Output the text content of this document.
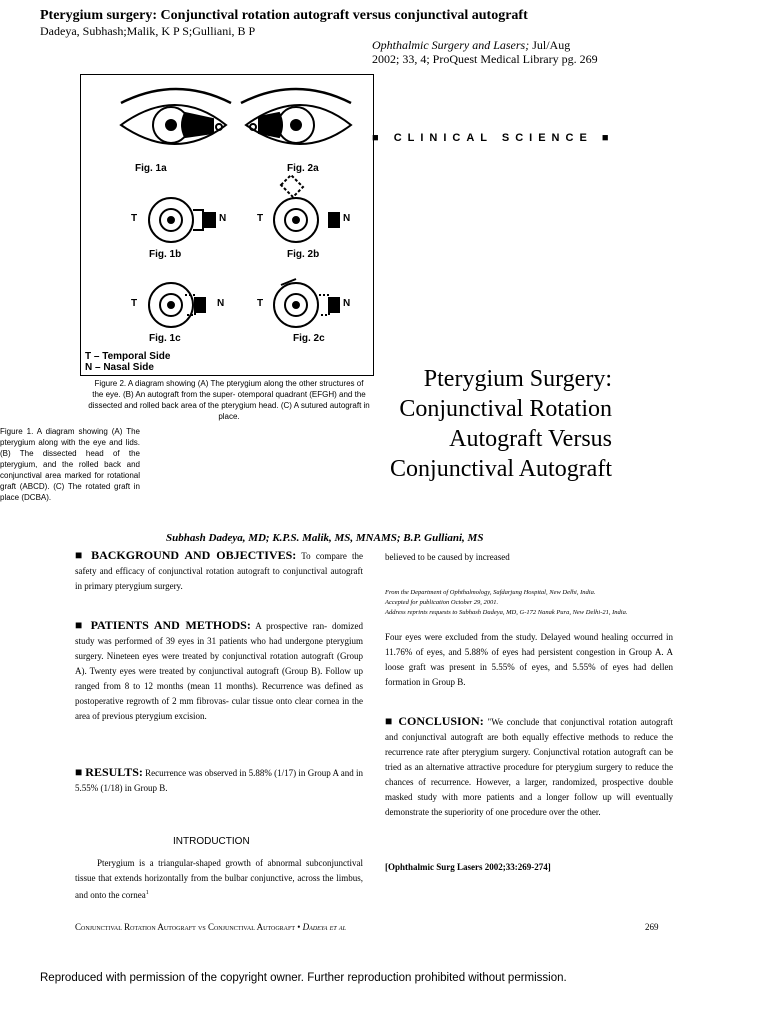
Pterygium surgery: Conjunctival rotation autograft versus conjunctival autograft
Dadeya, Subhash;Malik, K P S;Gulliani, B P
Ophthalmic Surgery and Lasers; Jul/Aug
2002; 33, 4; ProQuest Medical Library pg. 269
Fig. 1a	Fig. 2a
T	N	T	N
Fig. 1b	Fig. 2b
T	N	T	N
Fig. 1c	Fig. 2c
T – Temporal Side
N – Nasal Side
■ CLINICAL SCIENCE ■
Figure 2. A diagram showing (A) The pterygium along the other structures of the eye. (B) An autograft from the super- otemporal quadrant (EFGH) and the dissected and rolled back area of the pterygium head. (C) A sutured autograft in place.
Figure 1. A diagram showing (A) The pterygium along with the eye and lids. (B) The dissected head of the pterygium, and the rolled back and conjunctival area marked for rotational graft (ABCD). (C) The rotated graft in place (DCBA).
Pterygium Surgery: Conjunctival Rotation Autograft Versus Conjunctival Autograft
Subhash Dadeya, MD; K.P.S. Malik, MS, MNAMS; B.P. Gulliani, MS
■ BACKGROUND AND OBJECTIVES: To compare the safety and efficacy of conjunctival rotation autograft to conjunctival autograft in primary pterygium surgery.
■ PATIENTS AND METHODS: A prospective ran- domized study was performed of 39 eyes in 31 patients who had undergone pterygium surgery. Nineteen eyes were treated by conjunctival rotation autograft (Group A). Twenty eyes were treated by conjunctival autograft (Group B). Follow up ranged from 8 to 12 months (mean 11 months). Recurrence was defined as postoperative regrowth of 2 mm fibrovas- cular tissue onto clear cornea in the area of previous pterygium excision.
■ RESULTS: Recurrence was observed in 5.88% (1/17) in Group A and in 5.55% (1/18) in Group B.
INTRODUCTION
Pterygium is a triangular-shaped growth of abnormal subconjunctival tissue that extends horizontally from the bulbar conjunctive, across the limbus, and onto the cornea$^1$
believed to be caused by increased
From the Department of Ophthalmology, Safdarjung Hospital, New Delhi, India.
Accepted for publication October 29, 2001.
Address reprints requests to Subhash Dadeya, MD, G-172 Nanak Pura, New Delhi-21, India.
Four eyes were excluded from the study. Delayed wound healing occurred in 11.76% of eyes, and 5.88% of eyes had persistent congestion in Group A. A loose graft was present in 5.55% of eyes, and 5.55% of eyes had dellen formation in Group B.
■ CONCLUSION: "We conclude that conjunctival rotation autograft and conjunctival autograft are both equally effective methods to reduce the recurrence rate after pterygium surgery. Conjunctival rotation autograft can be tried as an alternative attractive procedure for pterygium surgery to reduce the chances of recurrence. However, a larger, randomized, prospective double masked study with more patients and a longer follow up will eventually demonstrate the superiority of one procedure over the other.
[Ophthalmic Surg Lasers 2002;33:269-274]
Conjunctival Rotation Autograft vs Conjunctival Autograft • Dadeya et al	269
Reproduced with permission of the copyright owner. Further reproduction prohibited without permission.
